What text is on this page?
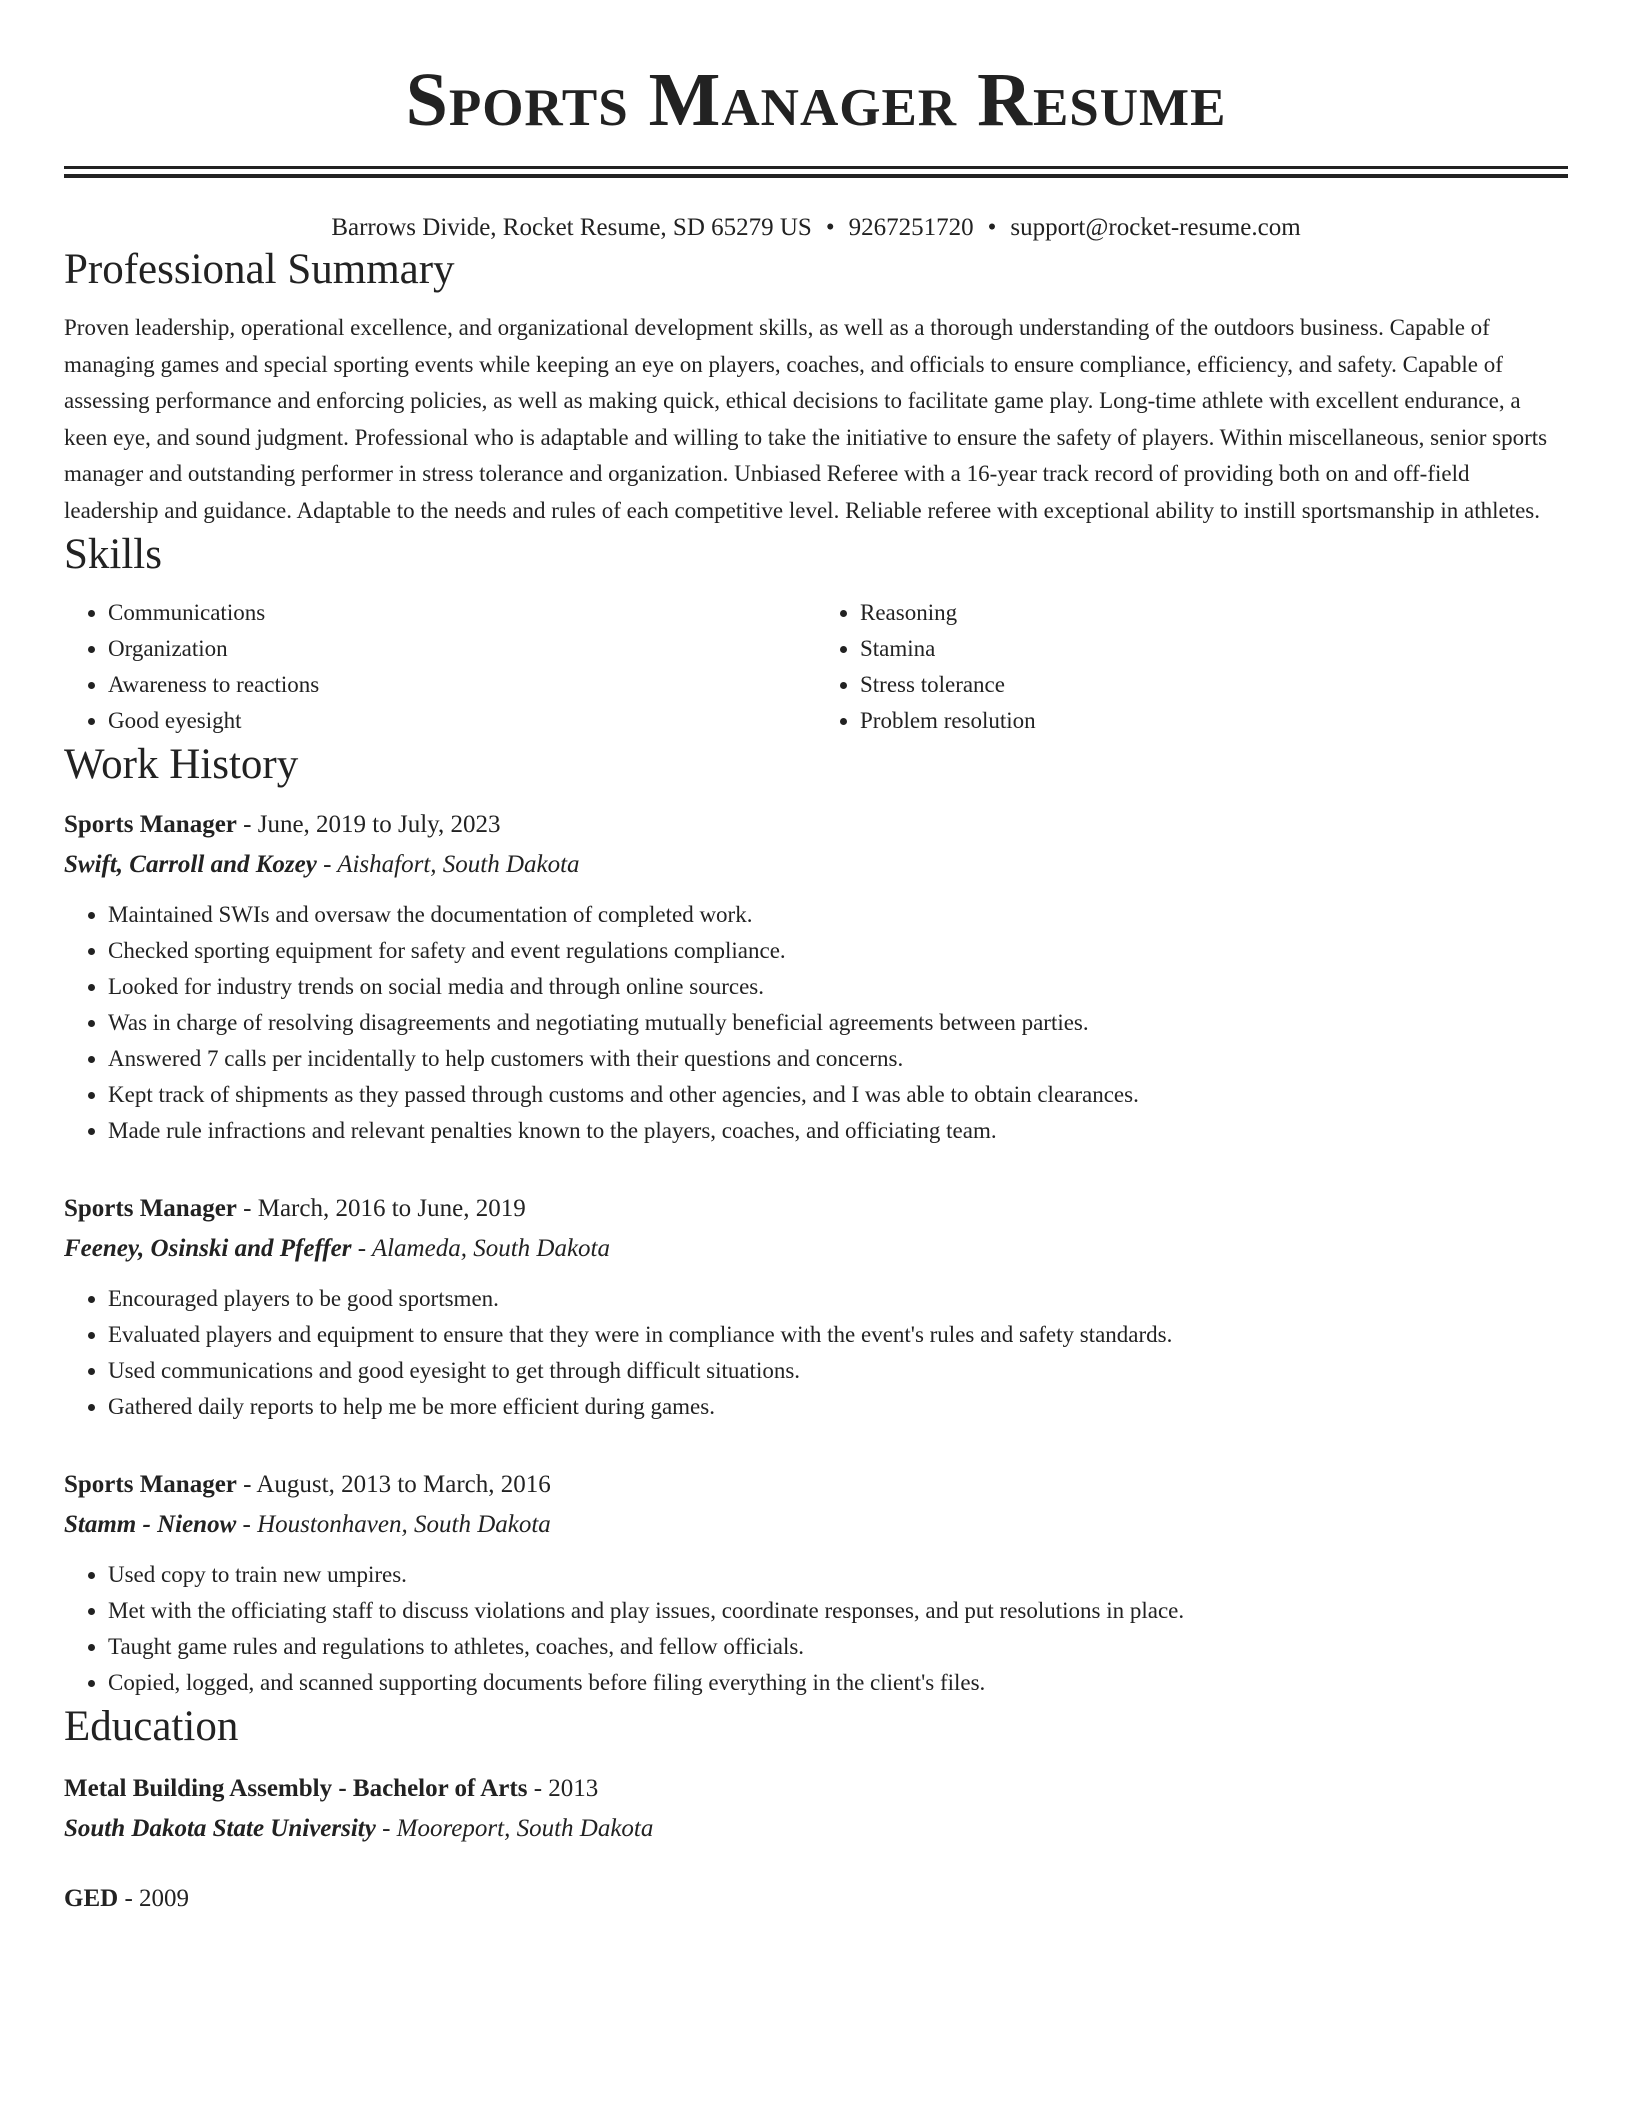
Sports Manager Resume
Barrows Divide, Rocket Resume, SD 65279 US • 9267251720 • support@rocket-resume.com
Professional Summary
Proven leadership, operational excellence, and organizational development skills, as well as a thorough understanding of the outdoors business. Capable of managing games and special sporting events while keeping an eye on players, coaches, and officials to ensure compliance, efficiency, and safety. Capable of assessing performance and enforcing policies, as well as making quick, ethical decisions to facilitate game play. Long-time athlete with excellent endurance, a keen eye, and sound judgment. Professional who is adaptable and willing to take the initiative to ensure the safety of players. Within miscellaneous, senior sports manager and outstanding performer in stress tolerance and organization. Unbiased Referee with a 16-year track record of providing both on and off-field leadership and guidance. Adaptable to the needs and rules of each competitive level. Reliable referee with exceptional ability to instill sportsmanship in athletes.
Skills
• Communications
• Organization
• Awareness to reactions
• Good eyesight
• Reasoning
• Stamina
• Stress tolerance
• Problem resolution
Work History
Sports Manager - June, 2019 to July, 2023
Swift, Carroll and Kozey - Aishafort, South Dakota
• Maintained SWIs and oversaw the documentation of completed work.
• Checked sporting equipment for safety and event regulations compliance.
• Looked for industry trends on social media and through online sources.
• Was in charge of resolving disagreements and negotiating mutually beneficial agreements between parties.
• Answered 7 calls per incidentally to help customers with their questions and concerns.
• Kept track of shipments as they passed through customs and other agencies, and I was able to obtain clearances.
• Made rule infractions and relevant penalties known to the players, coaches, and officiating team.
Sports Manager - March, 2016 to June, 2019
Feeney, Osinski and Pfeffer - Alameda, South Dakota
• Encouraged players to be good sportsmen.
• Evaluated players and equipment to ensure that they were in compliance with the event's rules and safety standards.
• Used communications and good eyesight to get through difficult situations.
• Gathered daily reports to help me be more efficient during games.
Sports Manager - August, 2013 to March, 2016
Stamm - Nienow - Houstonhaven, South Dakota
• Used copy to train new umpires.
• Met with the officiating staff to discuss violations and play issues, coordinate responses, and put resolutions in place.
• Taught game rules and regulations to athletes, coaches, and fellow officials.
• Copied, logged, and scanned supporting documents before filing everything in the client's files.
Education
Metal Building Assembly - Bachelor of Arts - 2013
South Dakota State University - Mooreport, South Dakota
GED - 2009
